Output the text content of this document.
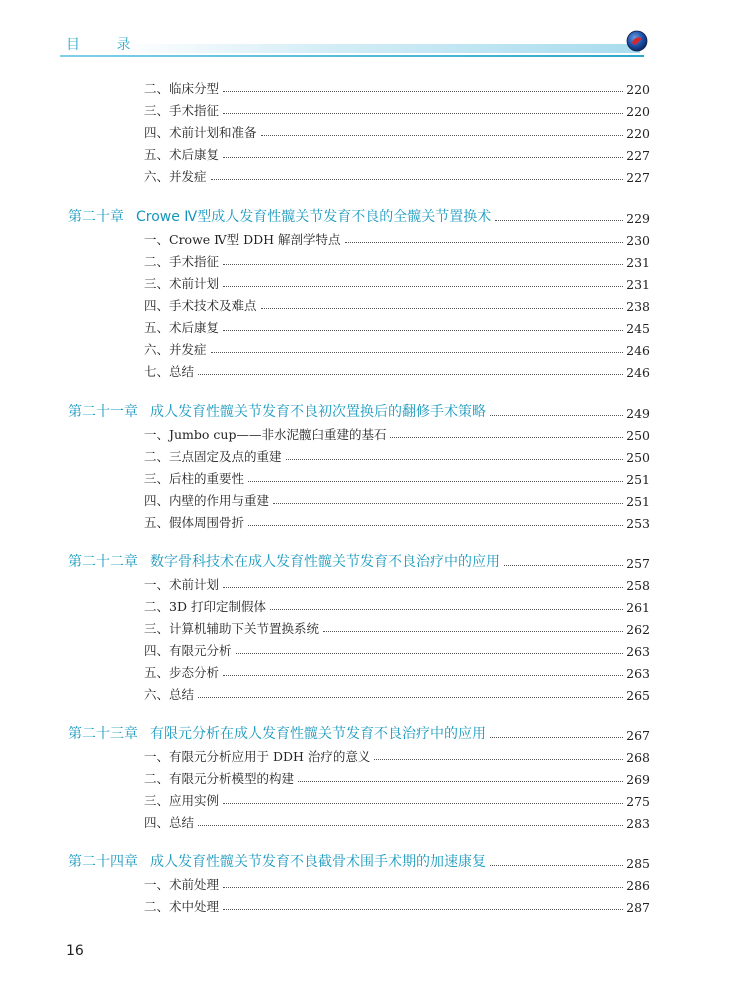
目 录
二、临床分型	220
三、手术指征	220
四、术前计划和准备	220
五、术后康复	227
六、并发症	227
第二十章 Crowe Ⅳ型成人发育性髋关节发育不良的全髋关节置换术	229
一、Crowe Ⅳ型 DDH 解剖学特点	230
二、手术指征	231
三、术前计划	231
四、手术技术及难点	238
五、术后康复	245
六、并发症	246
七、总结	246
第二十一章 成人发育性髋关节发育不良初次置换后的翻修手术策略	249
一、Jumbo cup——非水泥髋臼重建的基石	250
二、三点固定及点的重建	250
三、后柱的重要性	251
四、内壁的作用与重建	251
五、假体周围骨折	253
第二十二章 数字骨科技术在成人发育性髋关节发育不良治疗中的应用	257
一、术前计划	258
二、3D 打印定制假体	261
三、计算机辅助下关节置换系统	262
四、有限元分析	263
五、步态分析	263
六、总结	265
第二十三章 有限元分析在成人发育性髋关节发育不良治疗中的应用	267
一、有限元分析应用于 DDH 治疗的意义	268
二、有限元分析模型的构建	269
三、应用实例	275
四、总结	283
第二十四章 成人发育性髋关节发育不良截骨术围手术期的加速康复	285
一、术前处理	286
二、术中处理	287
16
